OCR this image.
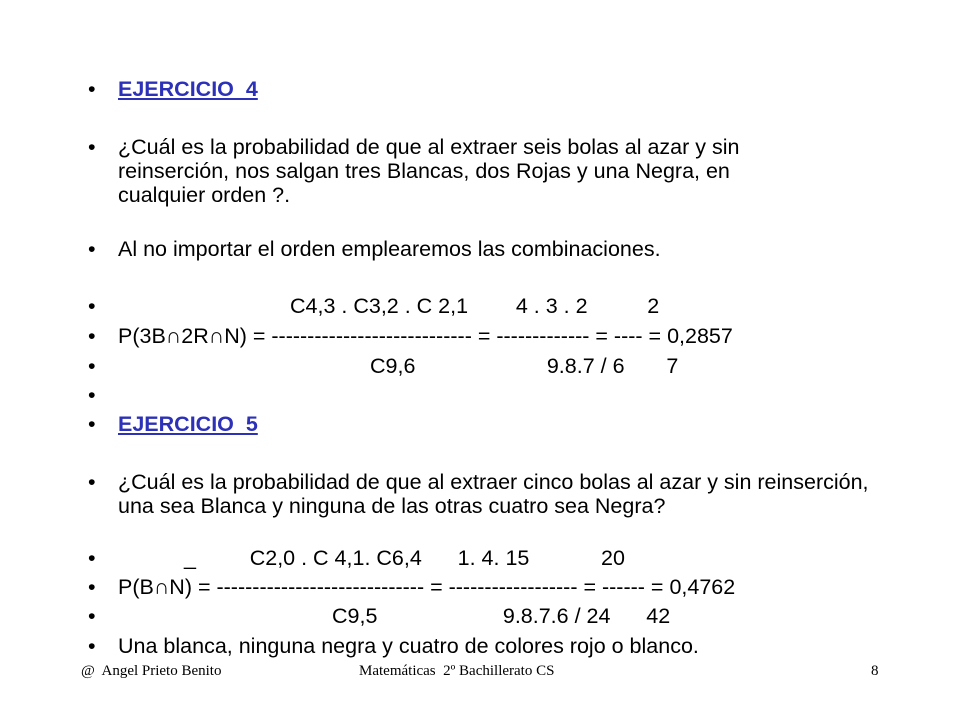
•

EJERCICIO  4

•

¿Cuál es la probabilidad de que al extraer seis bolas al azar y sin reinserción, nos salgan tres Blancas, dos Rojas y una Negra, en cualquier orden ?.

•

Al no importar el orden emplearemos las combinaciones.

•

	C4,3 . C3,2 . C 2,1        4 . 3 . 2          2

•

P(3B∩2R∩N) = ---------------------------- = ------------- = ---- = 0,2857

•

	C9,6                      9.8.7 / 6       7

•

•

EJERCICIO  5

•

¿Cuál es la probabilidad de que al extraer cinco bolas al azar y sin reinserción, una sea Blanca y ninguna de las otras cuatro sea Negra?

•

	_         C2,0 . C 4,1. C6,4      1. 4. 15            20

•

P(B∩N) = ----------------------------- = ------------------ = ------ = 0,4762

•

	C9,5                     9.8.7.6 / 24      42

•

Una blanca, ninguna negra y cuatro de colores rojo o blanco.

@  Angel Prieto Benito	Matemáticas  2º Bachillerato CS	8
